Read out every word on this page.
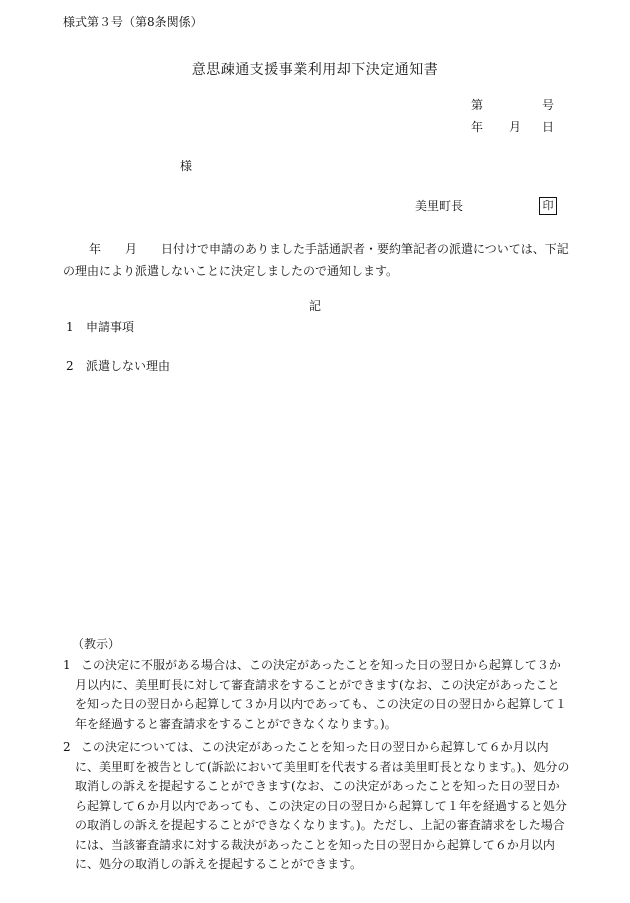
様式第３号（第8条関係）
意思疎通支援事業利用却下決定通知書
第	号
年 月 日
様
美里町長	印
年　　月　　日付けで申請のありました手話通訳者・要約筆記者の派遣については、下記の理由により派遣しないことに決定しましたので通知します。
記
1 申請事項
2 派遣しない理由
（教示）
1 この決定に不服がある場合は、この決定があったことを知った日の翌日から起算して３か月以内に、美里町長に対して審査請求をすることができます(なお、この決定があったことを知った日の翌日から起算して３か月以内であっても、この決定の日の翌日から起算して１年を経過すると審査請求をすることができなくなります。)。
2 この決定については、この決定があったことを知った日の翌日から起算して６か月以内に、美里町を被告として(訴訟において美里町を代表する者は美里町長となります。)、処分の取消しの訴えを提起することができます(なお、この決定があったことを知った日の翌日から起算して６か月以内であっても、この決定の日の翌日から起算して１年を経過すると処分の取消しの訴えを提起することができなくなります。)。ただし、上記の審査請求をした場合には、当該審査請求に対する裁決があったことを知った日の翌日から起算して６か月以内に、処分の取消しの訴えを提起することができます。
